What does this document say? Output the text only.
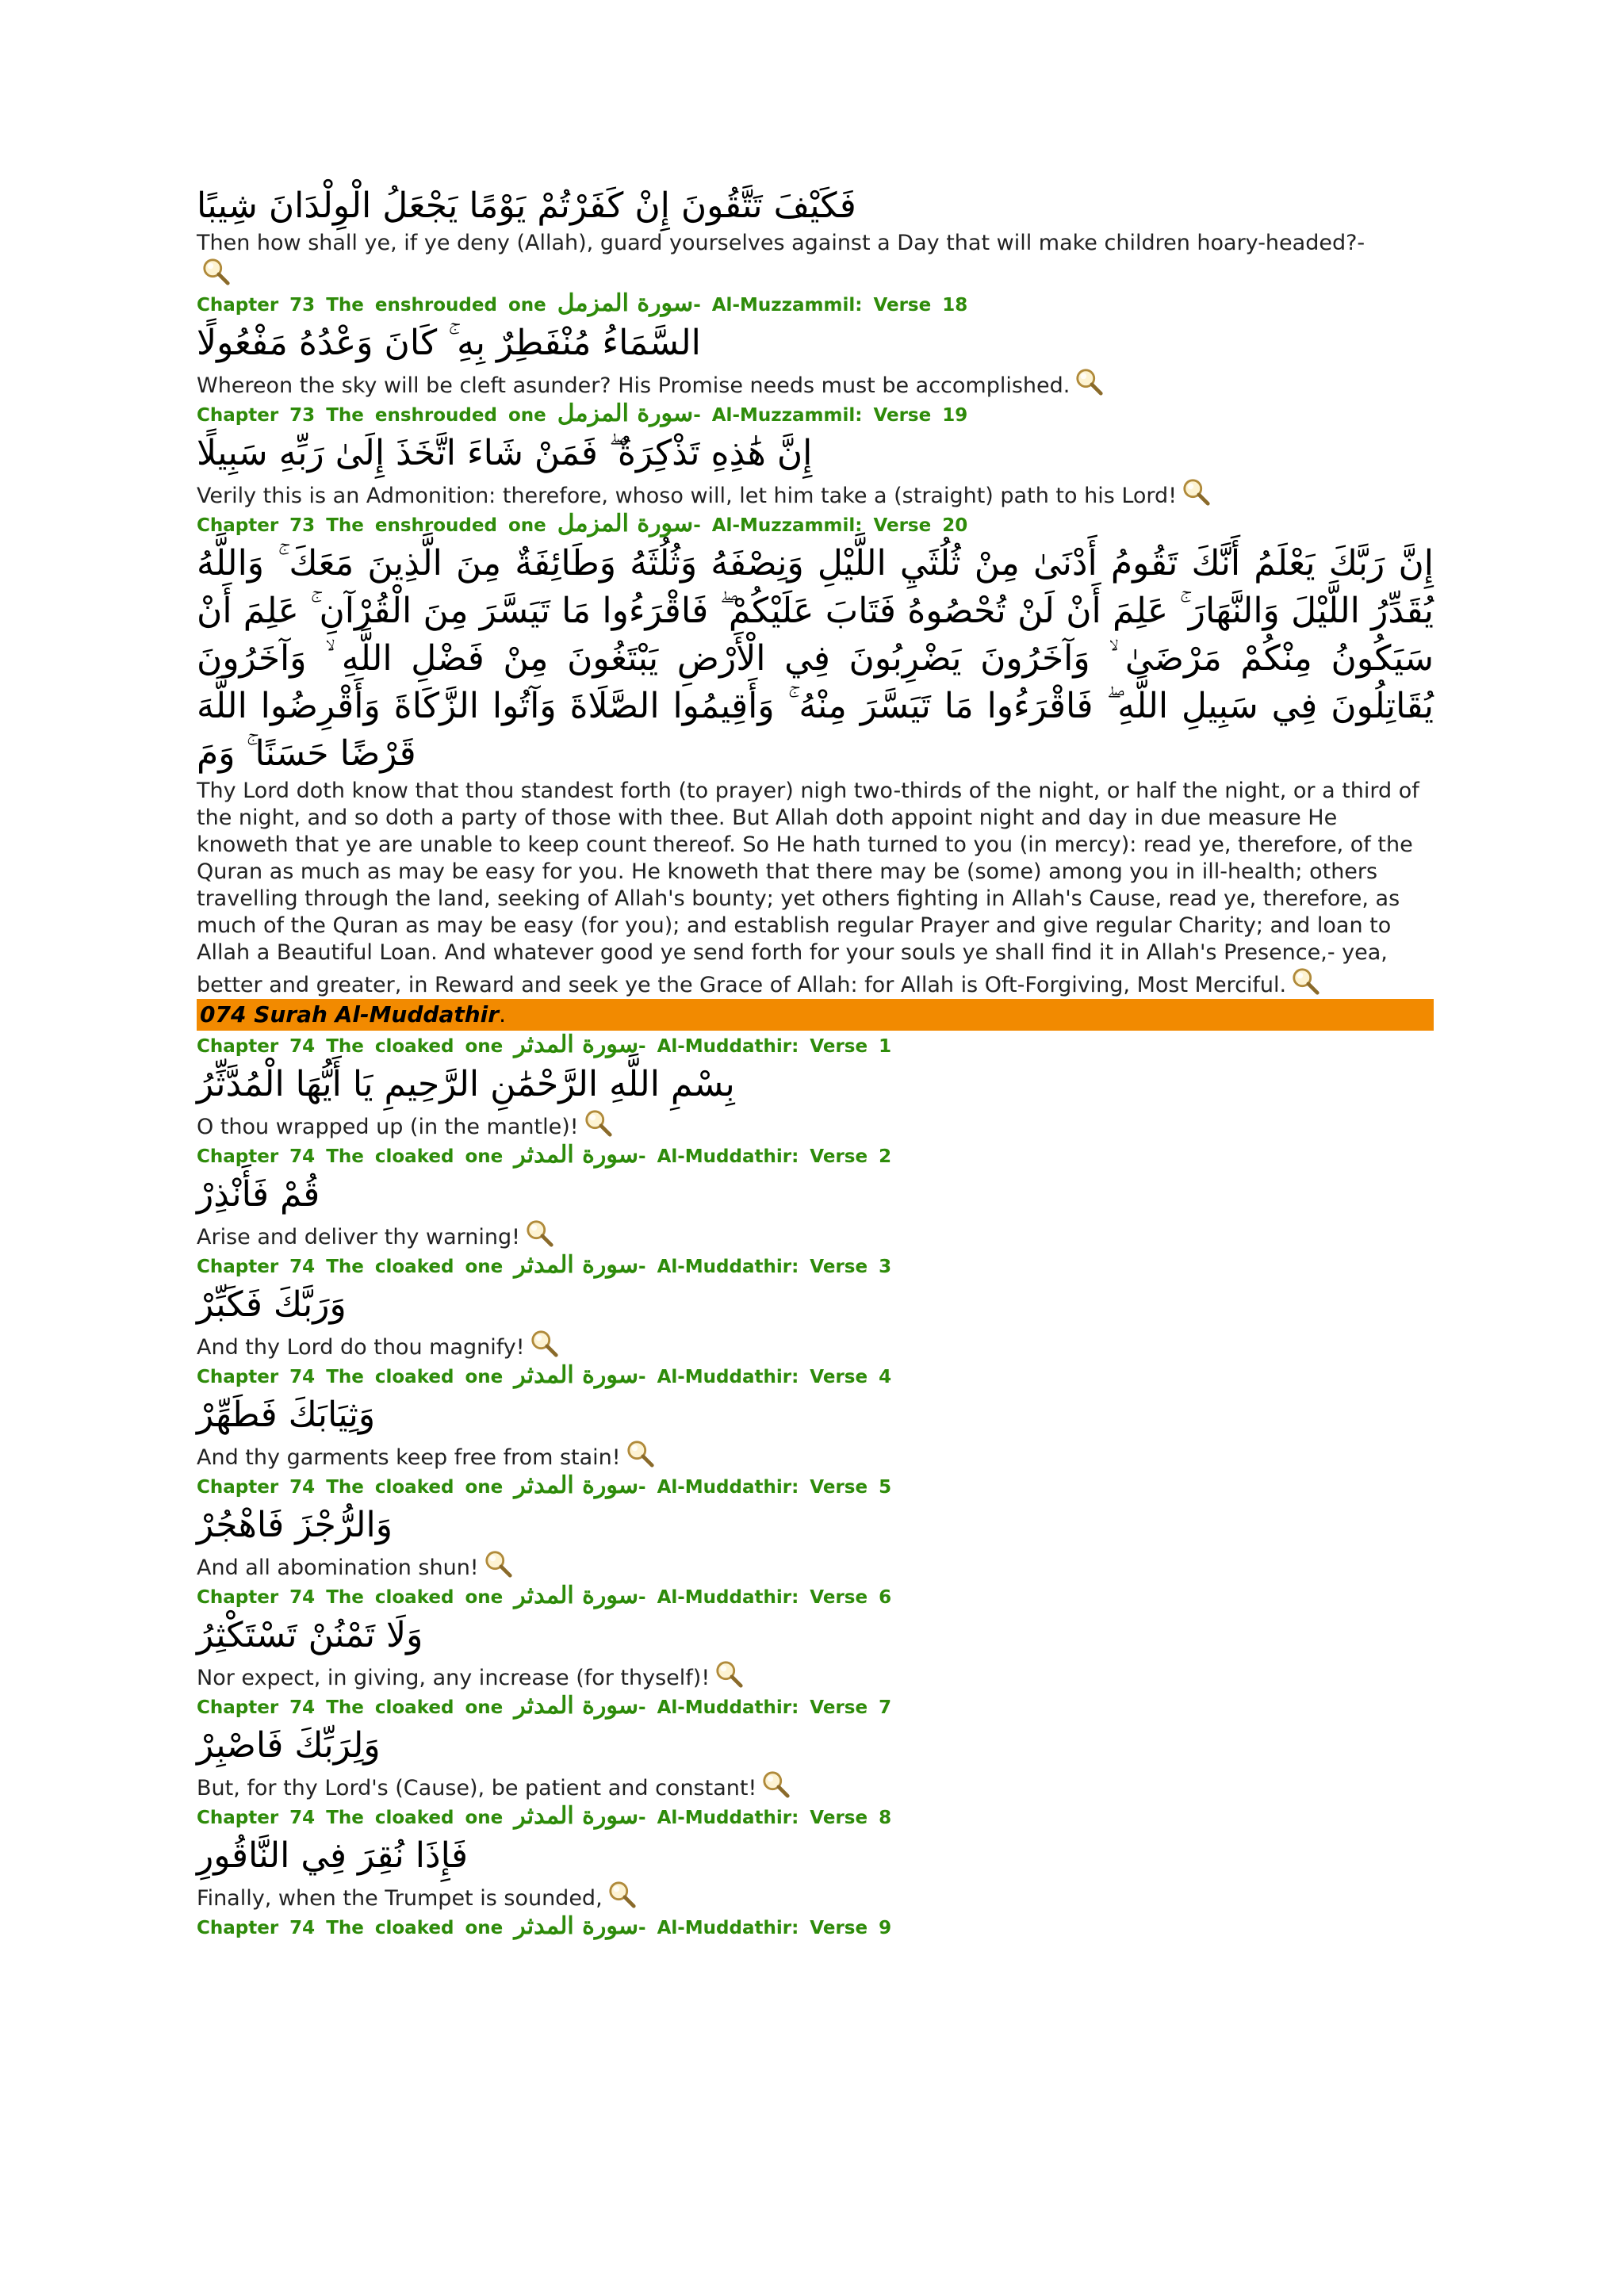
فَكَيْفَ تَتَّقُونَ إِنْ كَفَرْتُمْ يَوْمًا يَجْعَلُ الْوِلْدَانَ شِيبًا

Then how shall ye, if ye deny (Allah), guard yourselves against a Day that will make children hoary-headed?-

Chapter 73 The enshrouded one سورة المزمل- Al-Muzzammil: Verse 18

السَّمَاءُ مُنْفَطِرٌ بِهِ ۚ كَانَ وَعْدُهُ مَفْعُولًا

Whereon the sky will be cleft asunder? His Promise needs must be accomplished.

Chapter 73 The enshrouded one سورة المزمل- Al-Muzzammil: Verse 19

إِنَّ هَٰذِهِ تَذْكِرَةٌ ۖ فَمَنْ شَاءَ اتَّخَذَ إِلَىٰ رَبِّهِ سَبِيلًا

Verily this is an Admonition: therefore, whoso will, let him take a (straight) path to his Lord!

Chapter 73 The enshrouded one سورة المزمل- Al-Muzzammil: Verse 20

إِنَّ رَبَّكَ يَعْلَمُ أَنَّكَ تَقُومُ أَدْنَىٰ مِنْ ثُلُثَيِ اللَّيْلِ وَنِصْفَهُ وَثُلُثَهُ وَطَائِفَةٌ مِنَ الَّذِينَ مَعَكَ ۚ وَاللَّهُ يُقَدِّرُ اللَّيْلَ وَالنَّهَارَ ۚ عَلِمَ أَنْ لَنْ تُحْصُوهُ فَتَابَ عَلَيْكُمْ ۖ فَاقْرَءُوا مَا تَيَسَّرَ مِنَ الْقُرْآنِ ۚ عَلِمَ أَنْ سَيَكُونُ مِنْكُمْ مَرْضَىٰ ۙ وَآخَرُونَ يَضْرِبُونَ فِي الْأَرْضِ يَبْتَغُونَ مِنْ فَضْلِ اللَّهِ ۙ وَآخَرُونَ يُقَاتِلُونَ فِي سَبِيلِ اللَّهِ ۖ فَاقْرَءُوا مَا تَيَسَّرَ مِنْهُ ۚ وَأَقِيمُوا الصَّلَاةَ وَآتُوا الزَّكَاةَ وَأَقْرِضُوا اللَّهَ قَرْضًا حَسَنًا ۚ وَمَ

Thy Lord doth know that thou standest forth (to prayer) nigh two-thirds of the night, or half the night, or a third of the night, and so doth a party of those with thee. But Allah doth appoint night and day in due measure He knoweth that ye are unable to keep count thereof. So He hath turned to you (in mercy): read ye, therefore, of the Quran as much as may be easy for you. He knoweth that there may be (some) among you in ill-health; others travelling through the land, seeking of Allah's bounty; yet others fighting in Allah's Cause, read ye, therefore, as much of the Quran as may be easy (for you); and establish regular Prayer and give regular Charity; and loan to Allah a Beautiful Loan. And whatever good ye send forth for your souls ye shall find it in Allah's Presence,- yea, better and greater, in Reward and seek ye the Grace of Allah: for Allah is Oft-Forgiving, Most Merciful.

074 Surah Al-Muddathir.

Chapter 74 The cloaked one سورة المدثر- Al-Muddathir: Verse 1

بِسْمِ اللَّهِ الرَّحْمَٰنِ الرَّحِيمِ يَا أَيُّهَا الْمُدَّثِّرُ

O thou wrapped up (in the mantle)!

Chapter 74 The cloaked one سورة المدثر- Al-Muddathir: Verse 2

قُمْ فَأَنْذِرْ

Arise and deliver thy warning!

Chapter 74 The cloaked one سورة المدثر- Al-Muddathir: Verse 3

وَرَبَّكَ فَكَبِّرْ

And thy Lord do thou magnify!

Chapter 74 The cloaked one سورة المدثر- Al-Muddathir: Verse 4

وَثِيَابَكَ فَطَهِّرْ

And thy garments keep free from stain!

Chapter 74 The cloaked one سورة المدثر- Al-Muddathir: Verse 5

وَالرُّجْزَ فَاهْجُرْ

And all abomination shun!

Chapter 74 The cloaked one سورة المدثر- Al-Muddathir: Verse 6

وَلَا تَمْنُنْ تَسْتَكْثِرُ

Nor expect, in giving, any increase (for thyself)!

Chapter 74 The cloaked one سورة المدثر- Al-Muddathir: Verse 7

وَلِرَبِّكَ فَاصْبِرْ

But, for thy Lord's (Cause), be patient and constant!

Chapter 74 The cloaked one سورة المدثر- Al-Muddathir: Verse 8

فَإِذَا نُقِرَ فِي النَّاقُورِ

Finally, when the Trumpet is sounded,

Chapter 74 The cloaked one سورة المدثر- Al-Muddathir: Verse 9
